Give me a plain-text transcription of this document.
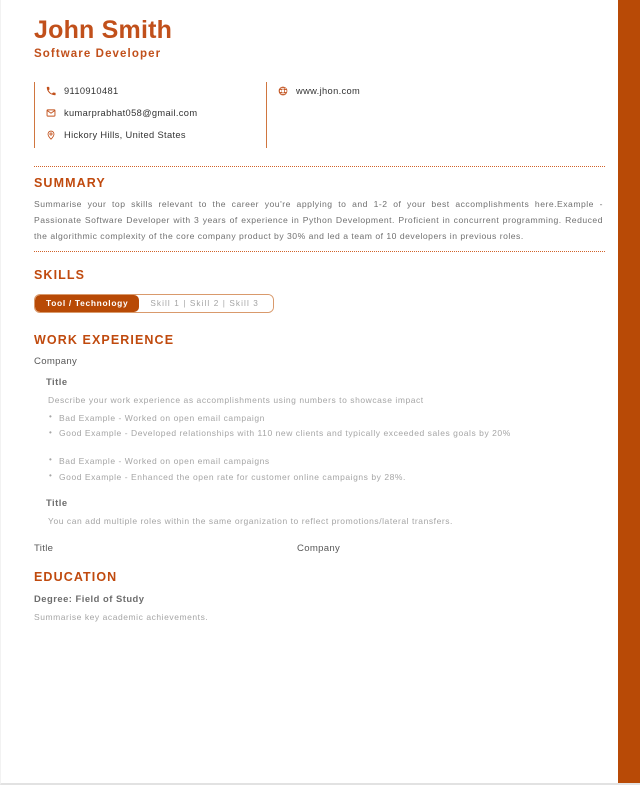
John Smith
Software Developer
9110910481
kumarprabhat058@gmail.com
Hickory Hills, United States
www.jhon.com
SUMMARY

Summarise your top skills relevant to the career you're applying to and 1-2 of your best accomplishments here.Example - Passionate Software Developer with 3 years of experience in Python Development. Proficient in concurrent programming. Reduced the algorithmic complexity of the core company product by 30% and led a team of 10 developers in previous roles.

SKILLS
Tool / Technology	Skill 1 | Skill 2 | Skill 3
WORK EXPERIENCE
Company
Title
Describe your work experience as accomplishments using numbers to showcase impact
• Bad Example - Worked on open email campaign
• Good Example - Developed relationships with 110 new clients and typically exceeded sales goals by 20%
• Bad Example - Worked on open email campaigns
• Good Example - Enhanced the open rate for customer online campaigns by 28%.
Title
You can add multiple roles within the same organization to reflect promotions/lateral transfers.
Title	Company
EDUCATION
Degree: Field of Study
Summarise key academic achievements.
